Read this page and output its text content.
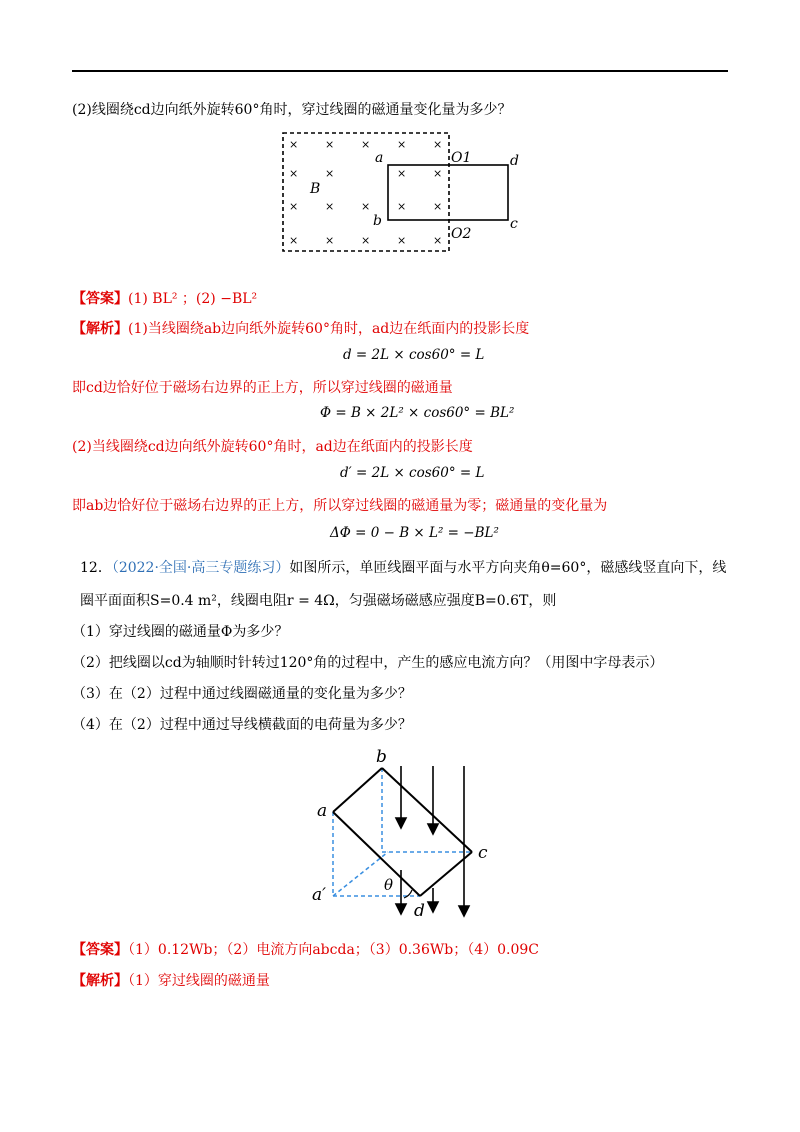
(2)线圈绕cd边向纸外旋转60°角时，穿过线圈的磁通量变化量为多少？
× × × × ×
× ×	× ×
× × × × ×
× × × × ×
a
b	c
d
B
O1
O2
【答案】(1) BL² ；(2) −BL²
【解析】(1)当线圈绕ab边向纸外旋转60°角时，ad边在纸面内的投影长度
d = 2L × cos60° = L
即cd边恰好位于磁场右边界的正上方，所以穿过线圈的磁通量
Φ = B × 2L² × cos60° = BL²
(2)当线圈绕cd边向纸外旋转60°角时，ad边在纸面内的投影长度
d′ = 2L × cos60° = L
即ab边恰好位于磁场右边界的正上方，所以穿过线圈的磁通量为零；磁通量的变化量为
ΔΦ = 0 − B × L² = −BL²
12．（2022·全国·高三专题练习）如图所示，单匝线圈平面与水平方向夹角θ=60°，磁感线竖直向下，线
圈平面面积S=0.4 m²，线圈电阻r = 4Ω，匀强磁场磁感应强度B=0.6T，则
（1）穿过线圈的磁通量Φ为多少？
（2）把线圈以cd为轴顺时针转过120°角的过程中，产生的感应电流方向？（用图中字母表示）
（3）在（2）过程中通过线圈磁通量的变化量为多少？
（4）在（2）过程中通过导线横截面的电荷量为多少？
a
b
c
d
a′	θ
【答案】（1）0.12Wb；（2）电流方向abcda；（3）0.36Wb；（4）0.09C
【解析】（1）穿过线圈的磁通量
